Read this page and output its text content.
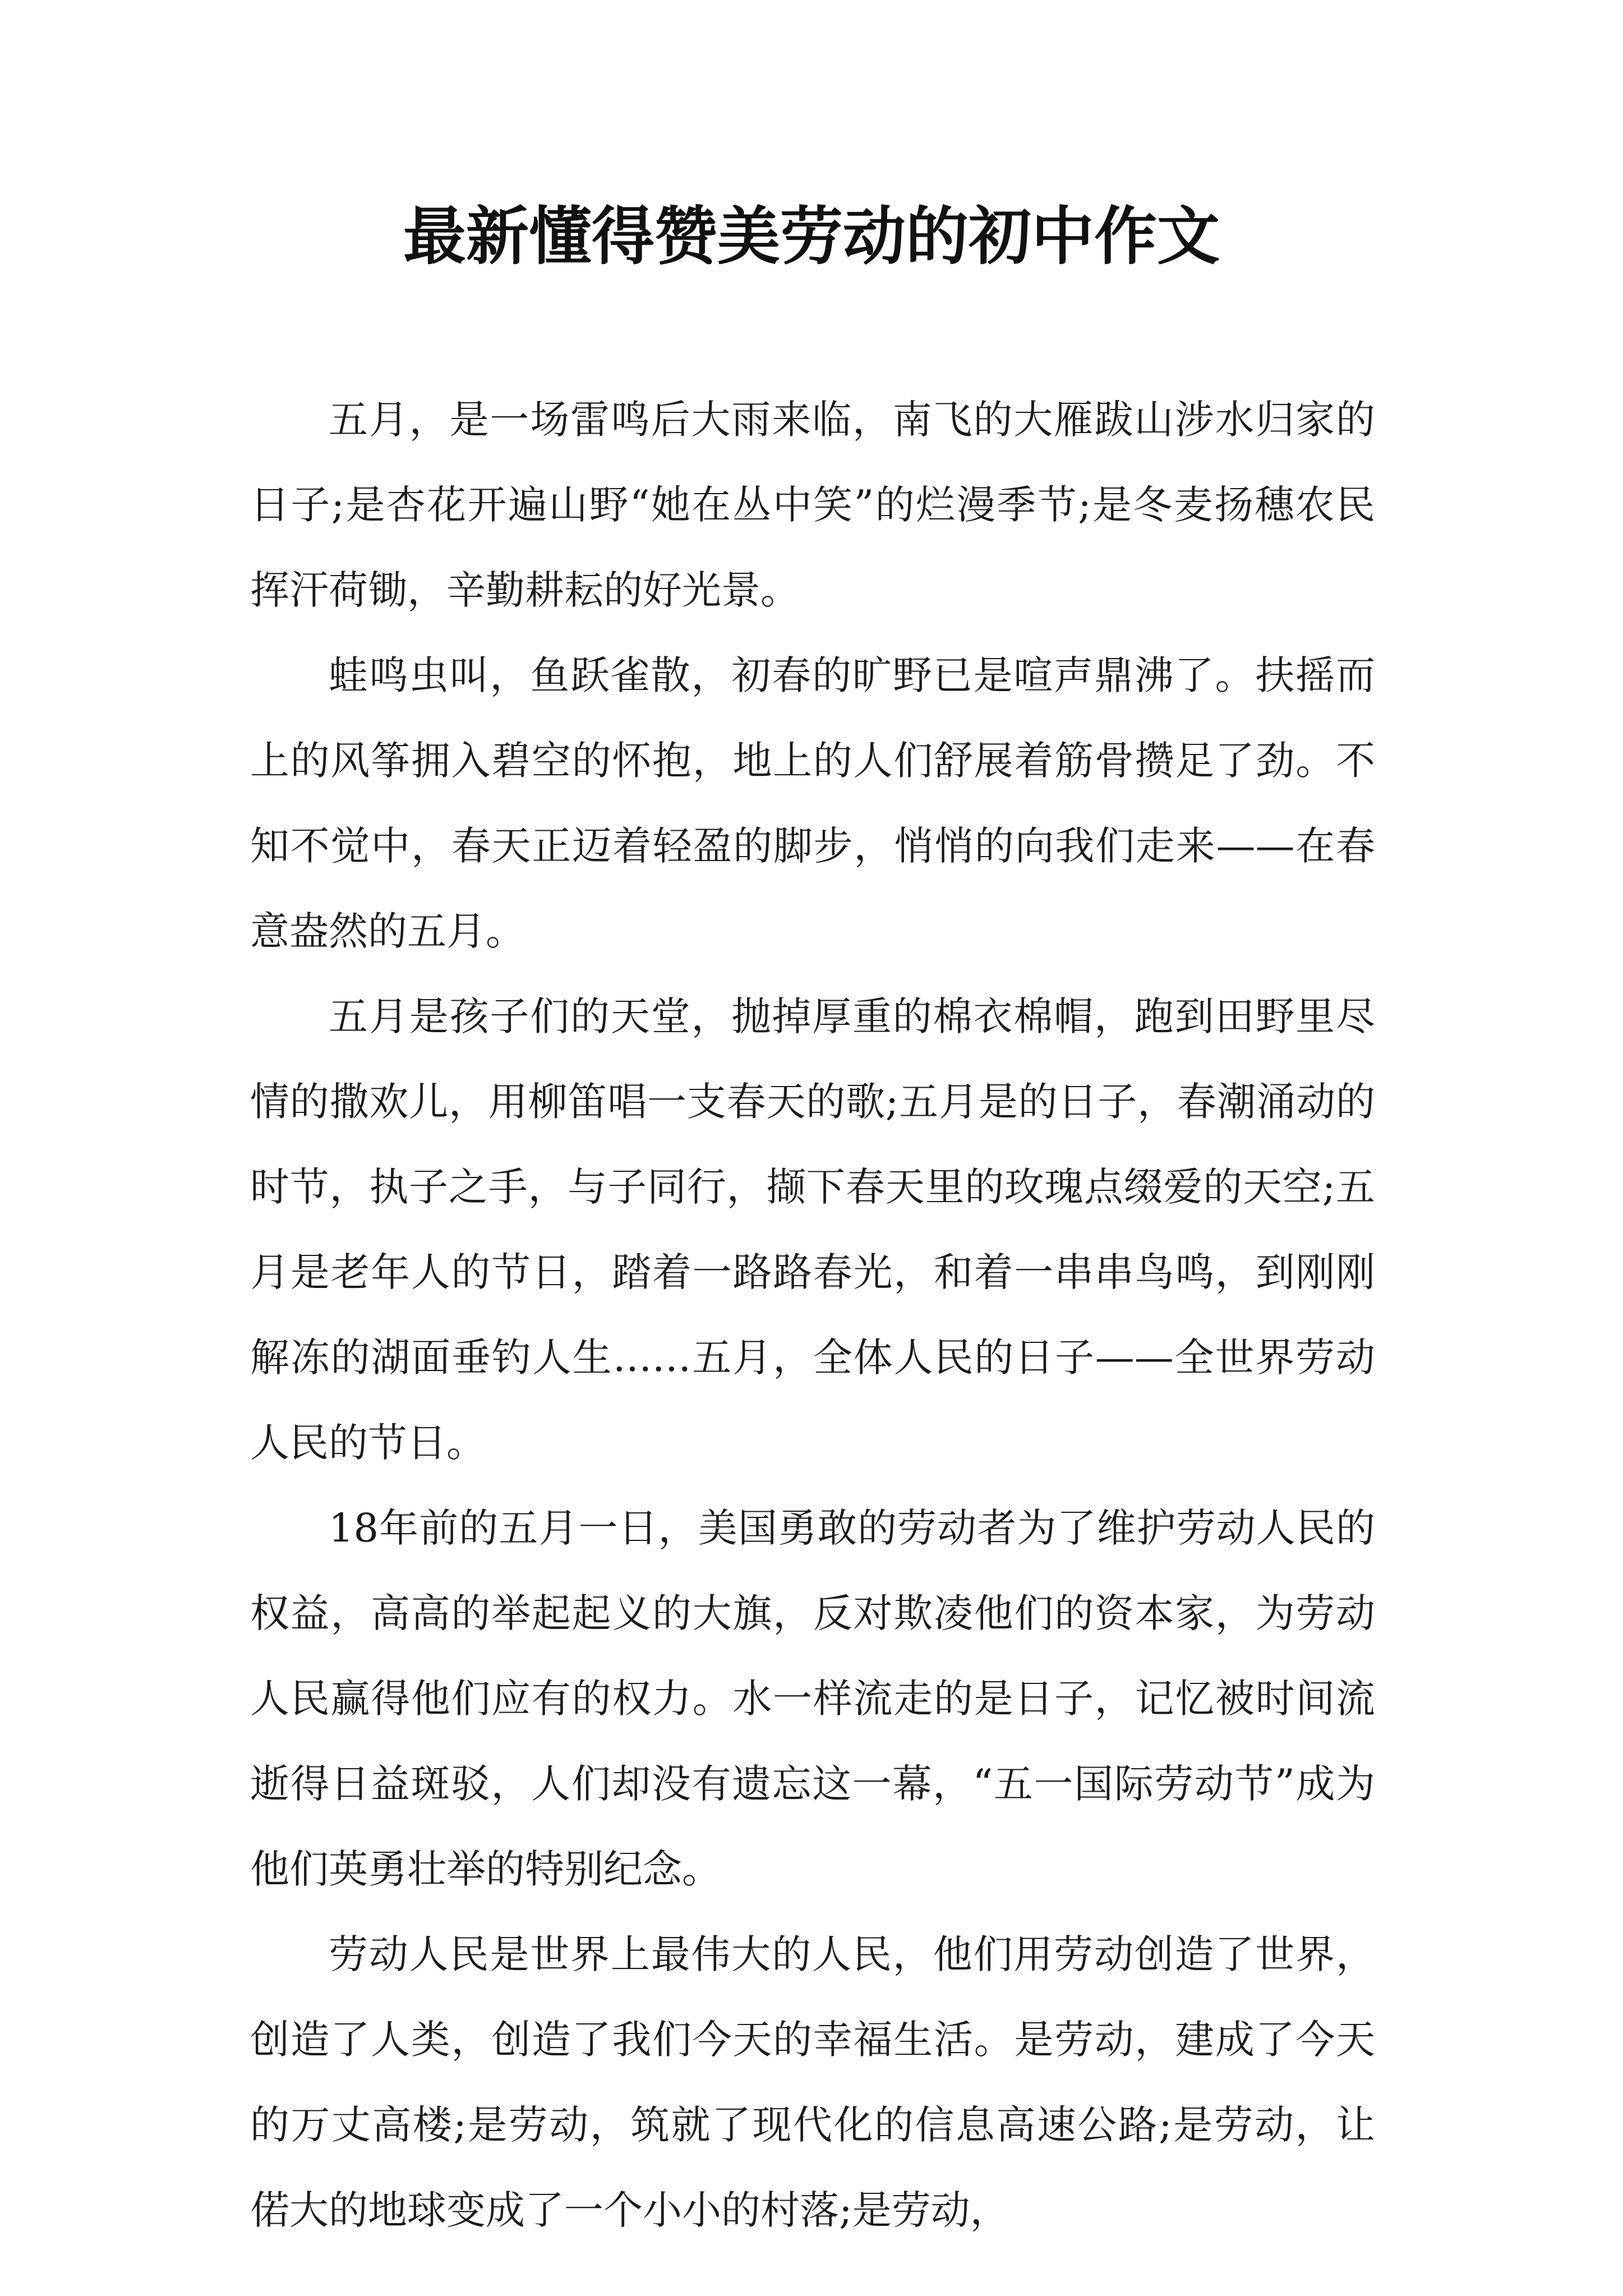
最新懂得赞美劳动的初中作文

五月，是一场雷鸣后大雨来临，南飞的大雁跋山涉水归家的日子;是杏花开遍山野“她在丛中笑”的烂漫季节;是冬麦扬穗农民挥汗荷锄，辛勤耕耘的好光景。

蛙鸣虫叫，鱼跃雀散，初春的旷野已是喧声鼎沸了。扶摇而上的风筝拥入碧空的怀抱，地上的人们舒展着筋骨攒足了劲。不知不觉中，春天正迈着轻盈的脚步，悄悄的向我们走来——在春意盎然的五月。

五月是孩子们的天堂，抛掉厚重的棉衣棉帽，跑到田野里尽情的撒欢儿，用柳笛唱一支春天的歌;五月是的日子，春潮涌动的时节，执子之手，与子同行，撷下春天里的玫瑰点缀爱的天空;五月是老年人的节日，踏着一路路春光，和着一串串鸟鸣，到刚刚解冻的湖面垂钓人生……五月，全体人民的日子——全世界劳动人民的节日。

18年前的五月一日，美国勇敢的劳动者为了维护劳动人民的权益，高高的举起起义的大旗，反对欺凌他们的资本家，为劳动人民赢得他们应有的权力。水一样流走的是日子，记忆被时间流逝得日益斑驳，人们却没有遗忘这一幕，“五一国际劳动节”成为他们英勇壮举的特别纪念。

劳动人民是世界上最伟大的人民，他们用劳动创造了世界，创造了人类，创造了我们今天的幸福生活。是劳动，建成了今天的万丈高楼;是劳动，筑就了现代化的信息高速公路;是劳动，让偌大的地球变成了一个小小的村落;是劳动，
